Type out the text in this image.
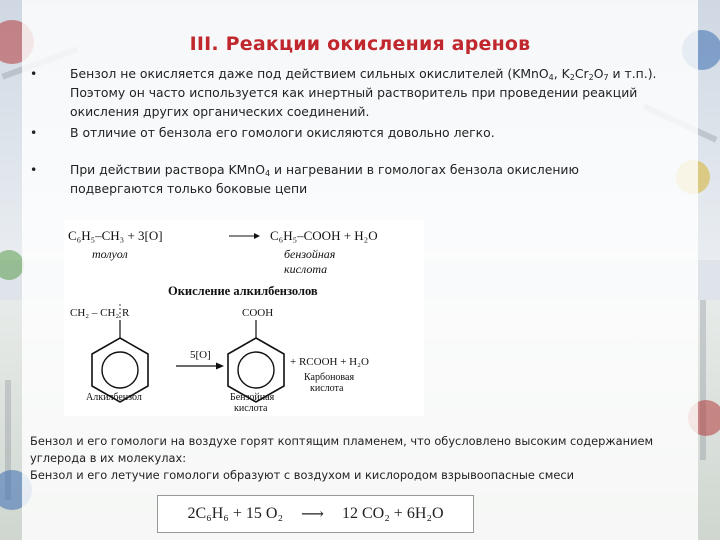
III. Реакции окисления аренов
•	Бензол не окисляется даже под действием сильных окислителей (KMnO$_4$, $K_2Cr_2O_7$ и т.п.). Поэтому он часто используется как инертный растворитель при проведении реакций окисления других органических соединений.
•	В отличие от бензола его гомологи окисляются довольно легко.
•	При действии раствора KMnO$_4$ и нагревании в гомологах бензола окислению подвергаются только боковые цепи
C₆H₅–CH₃ + 3[O]	C₆H₅–COOH + H₂O
толуол	бензойная
кислота
Окисление алкилбензолов
CH₂ – CH₂ R
5[O]
COOH
+ RCOOH + H₂O
Карбоновая
кислота
Алкилбензол	Бензойная
кислота
Бензол и его гомологи на воздухе горят коптящим пламенем, что обусловлено высоким содержанием
углерода в их молекулах:
Бензол и его летучие гомологи образуют с воздухом и кислородом взрывоопасные смеси
2C₆H₆ + 15 O₂ ⟶ 12 CO₂ + 6H₂O
